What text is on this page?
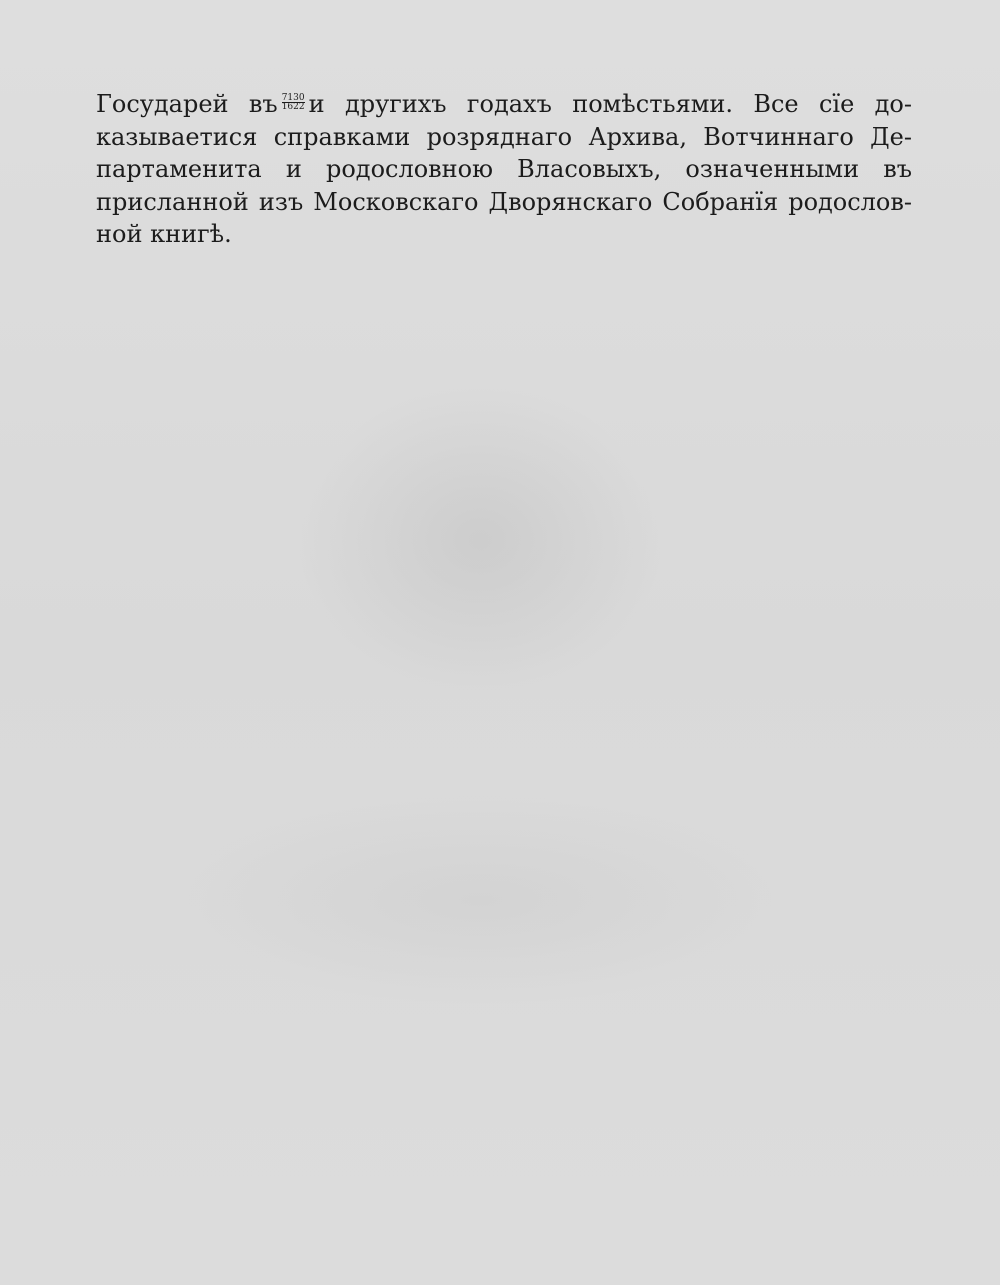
Государей въ $\frac{7130}{1622}$ и другихъ годахъ помѣстьями. Все сїе до-
казываетися справками розряднаго Архива, Вотчиннаго Де-
партаменита и родословною Власовыхъ, означенными въ
присланной изъ Московскаго Дворянскаго Собранїя родослов-
ной книгѣ.
